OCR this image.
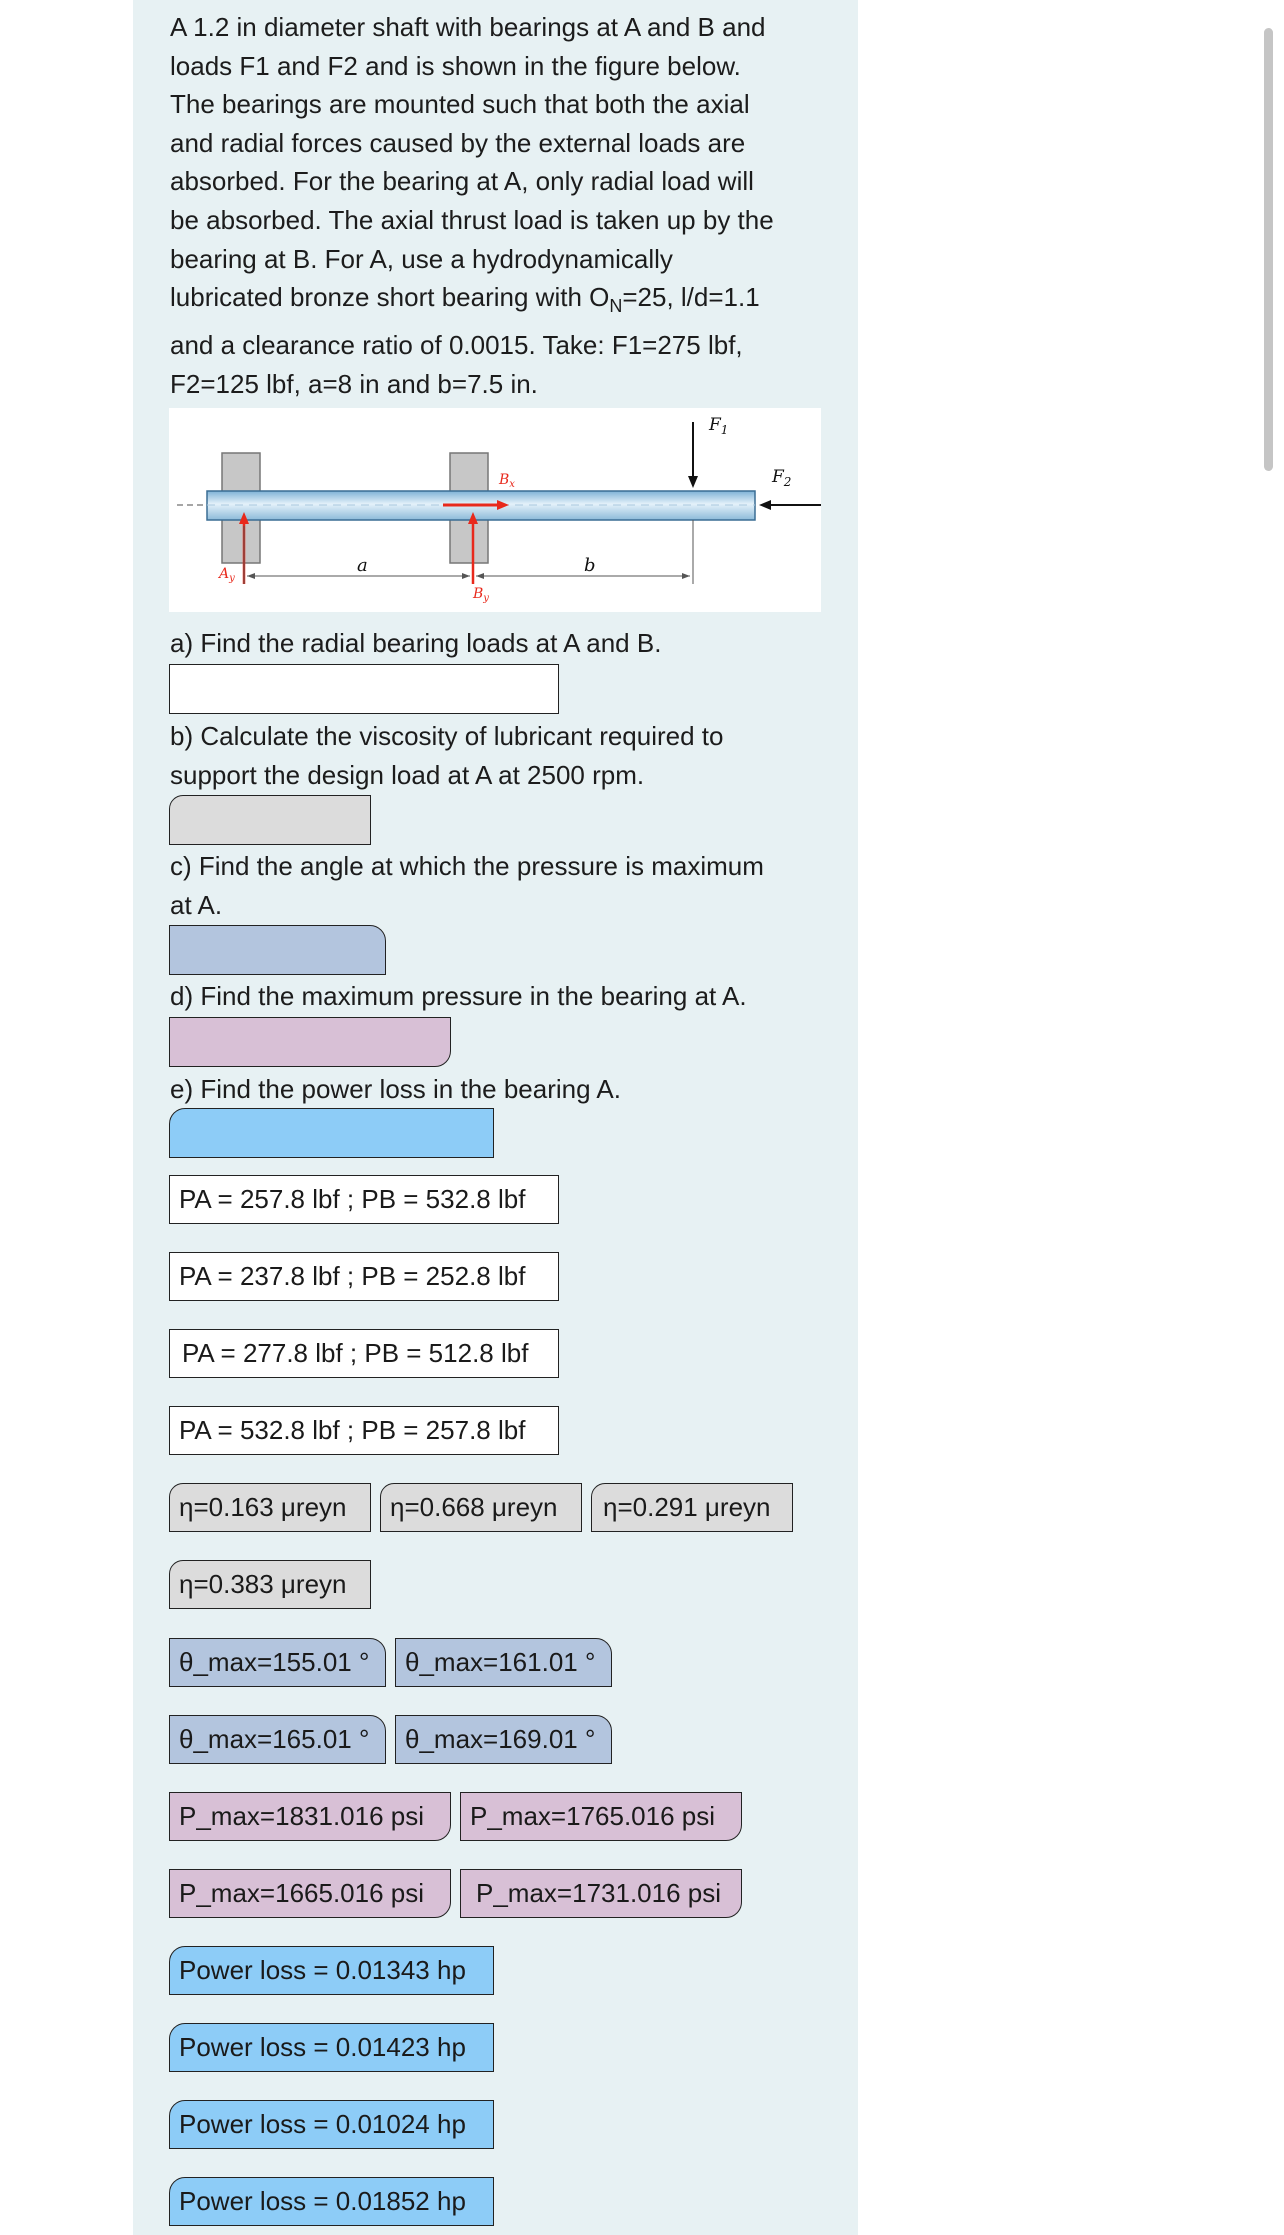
A 1.2 in diameter shaft with bearings at A and B and
loads F1 and F2 and is shown in the figure below.
The bearings are mounted such that both the axial
and radial forces caused by the external loads are
absorbed. For the bearing at A, only radial load will
be absorbed. The axial thrust load is taken up by the
bearing at B. For A, use a hydrodynamically
lubricated bronze short bearing with $O_N=25$, l/d=1.1
and a clearance ratio of 0.0015. Take: F1=275 lbf,
F2=125 lbf, a=8 in and b=7.5 in.
$F_1$
$F_2$
$B_x$
$B_y$
$A_y$
a	b
a) Find the radial bearing loads at A and B.
b) Calculate the viscosity of lubricant required to
support the design load at A at 2500 rpm.
c) Find the angle at which the pressure is maximum
at A.
d) Find the maximum pressure in the bearing at A.
e) Find the power loss in the bearing A.
PA = 257.8 lbf ; PB = 532.8 lbf
PA = 237.8 lbf ; PB = 252.8 lbf
PA = 277.8 lbf ; PB = 512.8 lbf
PA = 532.8 lbf ; PB = 257.8 lbf
η=0.163 μreyn	η=0.668 μreyn	η=0.291 μreyn
η=0.383 μreyn
θ_max=155.01 °	θ_max=161.01 °
θ_max=165.01 °	θ_max=169.01 °
P_max=1831.016 psi	P_max=1765.016 psi
P_max=1665.016 psi	P_max=1731.016 psi
Power loss = 0.01343 hp
Power loss = 0.01423 hp
Power loss = 0.01024 hp
Power loss = 0.01852 hp
